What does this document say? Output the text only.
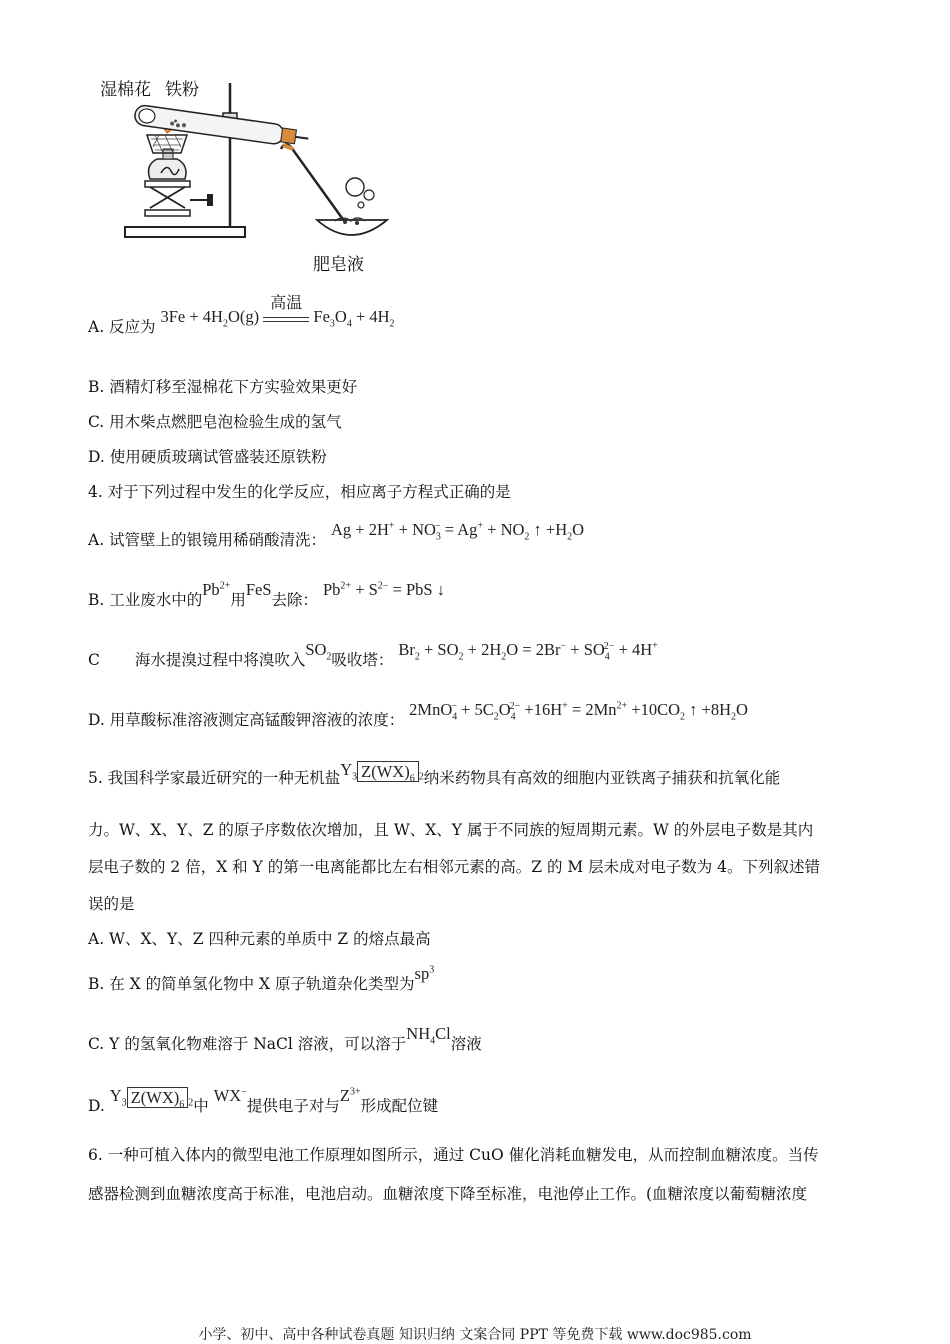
湿棉花 铁粉
肥皂液
A. 反应为 $3Fe + 4H_2O(g)$
高温
$Fe_3O_4 + 4H_2$
B. 酒精灯移至湿棉花下方实验效果更好
C. 用木柴点燃肥皂泡检验生成的氢气
D. 使用硬质玻璃试管盛装还原铁粉
4. 对于下列过程中发生的化学反应，相应离子方程式正确的是
A. 试管壁上的银镜用稀硝酸清洗： $Ag + 2H^+ + NO_3^- = Ag^+ + NO_2$ ↑ $+H_2O$
B. 工业废水中的$Pb^{2+}$用FeS去除： $Pb^{2+} + S^{2-}$ = PbS ↓
C 海水提溴过程中将溴吹入$SO_2$吸收塔： $Br_2 + SO_2 + 2H_2O = 2Br^- + SO_4^{2-} + 4H^+$
D. 用草酸标准溶液测定高锰酸钾溶液的浓度： $2MnO_4^- + 5C_2O_4^{2-} +16H^+ = 2Mn^{2+} +10CO_2$ ↑ $+8H_2O$
5. 我国科学家最近研究的一种无机盐$Y_3$ $Z(WX)_6$ $_2$纳米药物具有高效的细胞内亚铁离子捕获和抗氧化能
力。W、X、Y、Z 的原子序数依次增加，且 W、X、Y 属于不同族的短周期元素。W 的外层电子数是其内
层电子数的 2 倍，X 和 Y 的第一电离能都比左右相邻元素的高。Z 的 M 层未成对电子数为 4。下列叙述错
误的是
A. W、X、Y、Z 四种元素的单质中 Z 的熔点最高
B. 在 X 的简单氢化物中 X 原子轨道杂化类型为$sp^3$
C. Y 的氢氧化物难溶于 NaCl 溶液，可以溶于$NH_4Cl$溶液
D. $Y_3$ $Z(WX)_6$ $_2$中 WX−提供电子对与$Z^{3+}$形成配位键
6. 一种可植入体内的微型电池工作原理如图所示，通过 CuO 催化消耗血糖发电，从而控制血糖浓度。当传
感器检测到血糖浓度高于标准，电池启动。血糖浓度下降至标准，电池停止工作。(血糖浓度以葡萄糖浓度
小学、初中、高中各种试卷真题 知识归纳 文案合同 PPT 等免费下载 www.doc985.com
